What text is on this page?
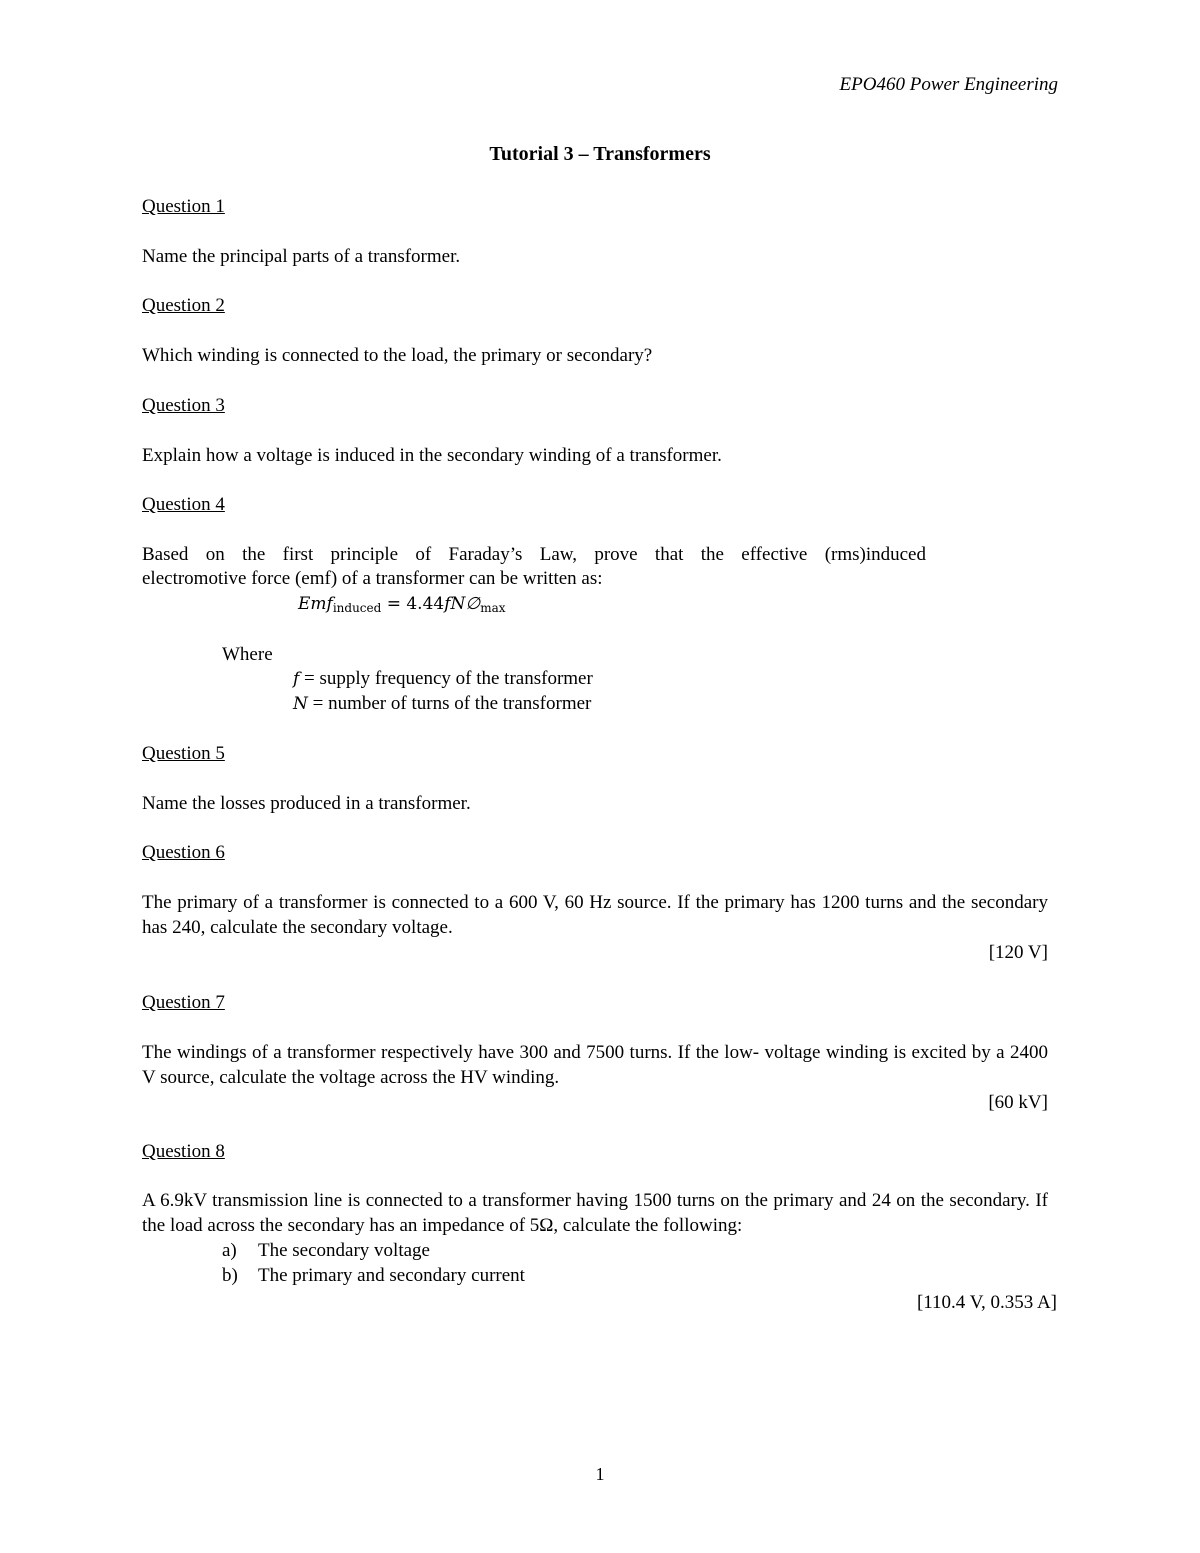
EPO460 Power Engineering
Tutorial 3 – Transformers
Question 1
Name the principal parts of a transformer.
Question 2
Which winding is connected to the load, the primary or secondary?
Question 3
Explain how a voltage is induced in the secondary winding of a transformer.
Question 4
Based on the first principle of Faraday’s Law, prove that the effective (rms)induced
electromotive force (emf) of a transformer can be written as:
$Emf_{induced} = 4.44fN\emptyset_{max}$
Where
f = supply frequency of the transformer
N = number of turns of the transformer
Question 5
Name the losses produced in a transformer.
Question 6
The primary of a transformer is connected to a 600 V, 60 Hz source. If the primary has 1200 turns and the secondary has 240, calculate the secondary voltage.
[120 V]
Question 7
The windings of a transformer respectively have 300 and 7500 turns. If the low- voltage winding is excited by a 2400 V source, calculate the voltage across the HV winding.
[60 kV]
Question 8
A 6.9kV transmission line is connected to a transformer having 1500 turns on the primary and 24 on the secondary. If the load across the secondary has an impedance of 5Ω, calculate the following:
a) The secondary voltage
b) The primary and secondary current
[110.4 V, 0.353 A]
1
